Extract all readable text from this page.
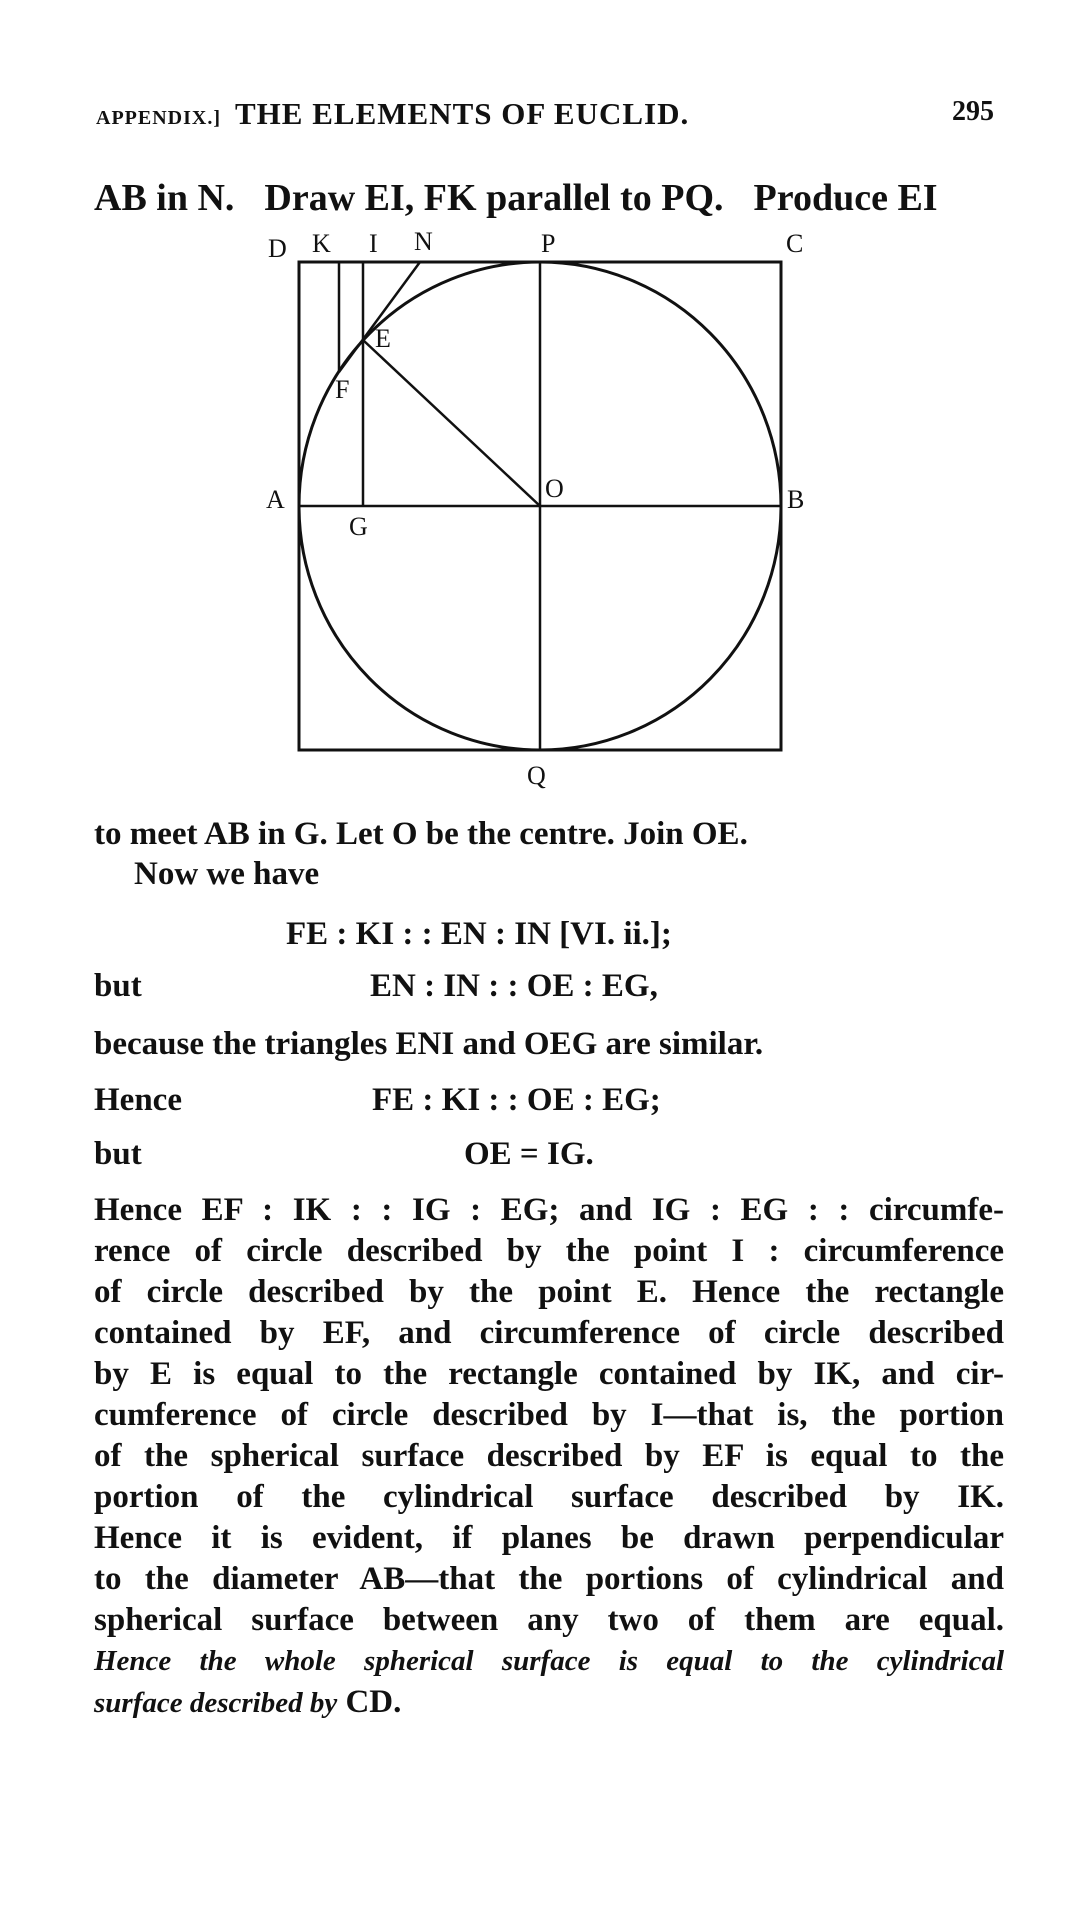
APPENDIX.] THE ELEMENTS OF EUCLID.	295
AB in N. Draw EI, FK parallel to PQ. Produce EI
D K I N	P	C
E
F
A	O	B
G
Q
to meet AB in G. Let O be the centre. Join OE.
Now we have
FE : KI : : EN : IN [VI. ii.];
but	EN : IN : : OE : EG,
because the triangles ENI and OEG are similar.
Hence	FE : KI : : OE : EG;
but	OE = IG.
Hence EF : IK : : IG : EG; and IG : EG : : circumfe-
rence of circle described by the point I : circumference
of circle described by the point E. Hence the rectangle
contained by EF, and circumference of circle described
by E is equal to the rectangle contained by IK, and cir-
cumference of circle described by I—that is, the portion
of the spherical surface described by EF is equal to the
portion of the cylindrical surface described by IK.
Hence it is evident, if planes be drawn perpendicular
to the diameter AB—that the portions of cylindrical and
spherical surface between any two of them are equal.
Hence the whole spherical surface is equal to the cylindrical
surface described by CD.
